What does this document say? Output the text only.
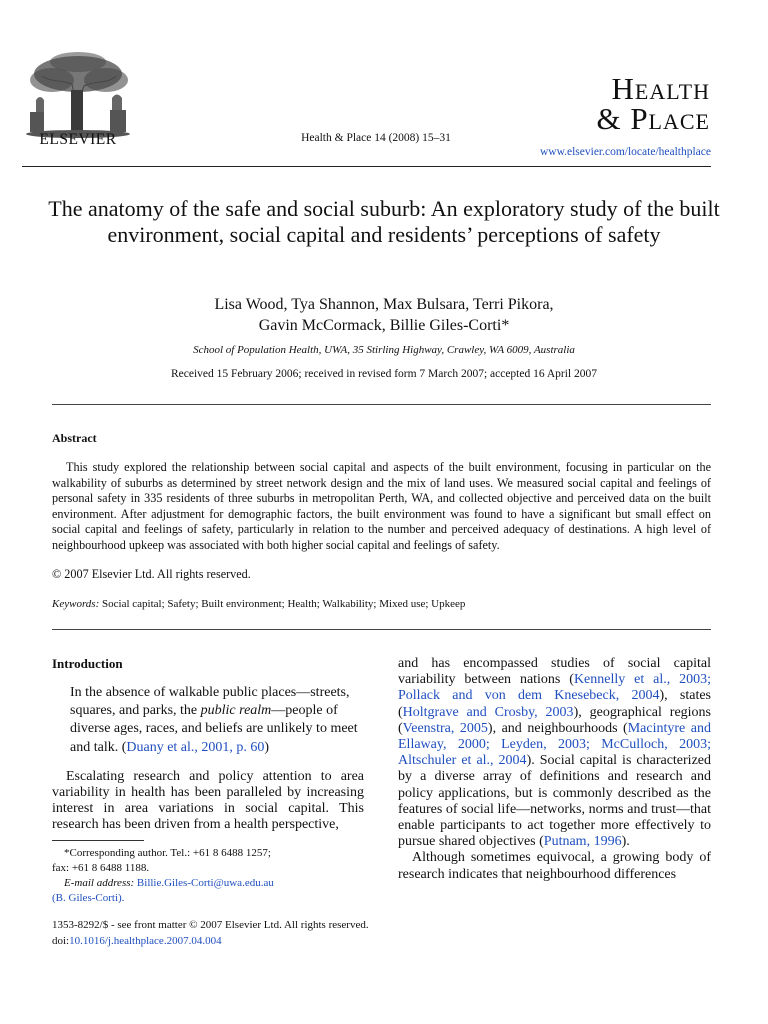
ELSEVIER	Health & Place 14 (2008) 15–31
Health
& Place
www.elsevier.com/locate/healthplace
The anatomy of the safe and social suburb: An exploratory study of the built environment, social capital and residents’ perceptions of safety
Lisa Wood, Tya Shannon, Max Bulsara, Terri Pikora,
Gavin McCormack, Billie Giles-Corti*
School of Population Health, UWA, 35 Stirling Highway, Crawley, WA 6009, Australia
Received 15 February 2006; received in revised form 7 March 2007; accepted 16 April 2007
Abstract
This study explored the relationship between social capital and aspects of the built environment, focusing in particular on the walkability of suburbs as determined by street network design and the mix of land uses. We measured social capital and feelings of personal safety in 335 residents of three suburbs in metropolitan Perth, WA, and collected objective and perceived data on the built environment. After adjustment for demographic factors, the built environment was found to have a significant but small effect on social capital and feelings of safety, particularly in relation to the number and perceived adequacy of destinations. A high level of neighbourhood upkeep was associated with both higher social capital and feelings of safety.
© 2007 Elsevier Ltd. All rights reserved.
Keywords: Social capital; Safety; Built environment; Health; Walkability; Mixed use; Upkeep
Introduction
In the absence of walkable public places—streets, squares, and parks, the public realm—people of diverse ages, races, and beliefs are unlikely to meet and talk. (Duany et al., 2001, p. 60)

Escalating research and policy attention to area variability in health has been paralleled by increasing interest in area variations in social capital. This research has been driven from a health perspective,

and has encompassed studies of social capital variability between nations (Kennelly et al., 2003; Pollack and von dem Knesebeck, 2004), states (Holtgrave and Crosby, 2003), geographical regions (Veenstra, 2005), and neighbourhoods (Macintyre and Ellaway, 2000; Leyden, 2003; McCulloch, 2003; Altschuler et al., 2004). Social capital is characterized by a diverse array of definitions and research and policy applications, but is commonly described as the features of social life—networks, norms and trust—that enable participants to act together more effectively to pursue shared objectives (Putnam, 1996).

Although sometimes equivocal, a growing body of research indicates that neighbourhood differences

*Corresponding author. Tel.: +61 8 6488 1257;
fax: +61 8 6488 1188.
E-mail address: Billie.Giles-Corti@uwa.edu.au
(B. Giles-Corti).
1353-8292/$ - see front matter © 2007 Elsevier Ltd. All rights reserved.
doi:10.1016/j.healthplace.2007.04.004
